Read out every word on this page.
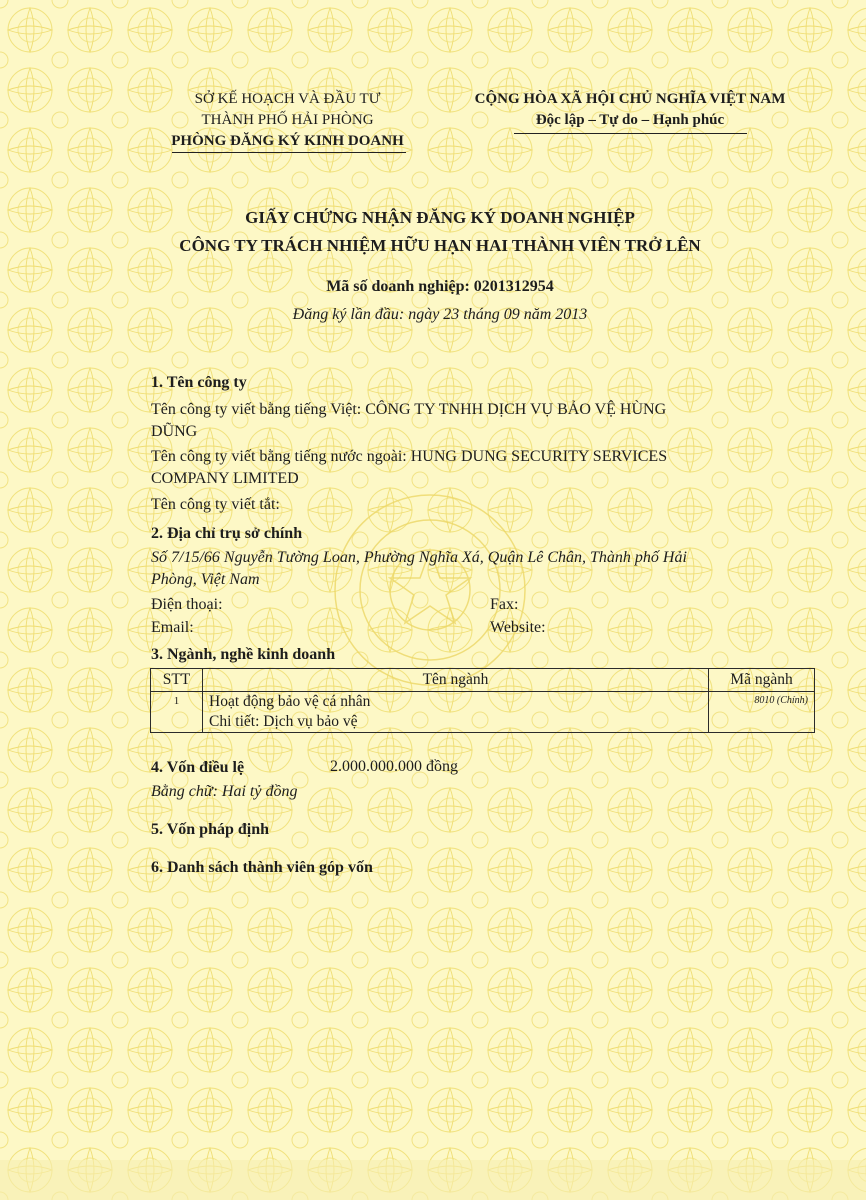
SỞ KẾ HOẠCH VÀ ĐẦU TƯ
THÀNH PHỐ HẢI PHÒNG
PHÒNG ĐĂNG KÝ KINH DOANH
CỘNG HÒA XÃ HỘI CHỦ NGHĨA VIỆT NAM
Độc lập – Tự do – Hạnh phúc
GIẤY CHỨNG NHẬN ĐĂNG KÝ DOANH NGHIỆP
CÔNG TY TRÁCH NHIỆM HỮU HẠN HAI THÀNH VIÊN TRỞ LÊN
Mã số doanh nghiệp: 0201312954
Đăng ký lần đầu: ngày 23 tháng 09 năm 2013
1. Tên công ty
Tên công ty viết bằng tiếng Việt: CÔNG TY TNHH DỊCH VỤ BẢO VỆ HÙNG
DŨNG
Tên công ty viết bằng tiếng nước ngoài: HUNG DUNG SECURITY SERVICES
COMPANY LIMITED
Tên công ty viết tắt:
2. Địa chỉ trụ sở chính
Số 7/15/66 Nguyễn Tường Loan, Phường Nghĩa Xá, Quận Lê Chân, Thành phố Hải
Phòng, Việt Nam
Điện thoại:	Fax:
Email:	Website:
3. Ngành, nghề kinh doanh
STT	Tên ngành	Mã ngành
1	Hoạt động bảo vệ cá nhân
Chi tiết: Dịch vụ bảo vệ	8010 (Chính)
4. Vốn điều lệ	2.000.000.000 đồng
Bằng chữ: Hai tỷ đồng
5. Vốn pháp định
6. Danh sách thành viên góp vốn
